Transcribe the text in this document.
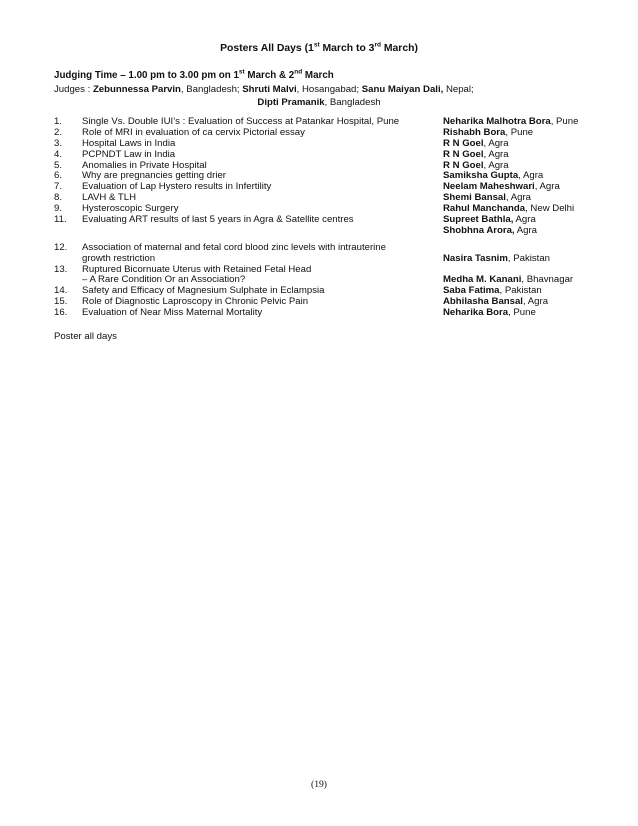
Posters All Days (1st March to 3rd March)
Judging Time – 1.00 pm to 3.00 pm on 1st March & 2nd March
Judges : Zebunnessa Parvin, Bangladesh; Shruti Malvi, Hosangabad; Sanu Maiyan Dali, Nepal;
Dipti Pramanik, Bangladesh
1. Single Vs. Double IUI’s : Evaluation of Success at Patankar Hospital, Pune	Neharika Malhotra Bora, Pune
2. Role of MRI in evaluation of ca cervix Pictorial essay	Rishabh Bora, Pune
3. Hospital Laws in India	R N Goel, Agra
4. PCPNDT Law in India	R N Goel, Agra
5. Anomalies in Private Hospital	R N Goel, Agra
6. Why are pregnancies getting drier	Samiksha Gupta, Agra
7. Evaluation of Lap Hystero results in Infertility	Neelam Maheshwari, Agra
8. LAVH & TLH	Shemi Bansal, Agra
9. Hysteroscopic Surgery	Rahul Manchanda, New Delhi
11. Evaluating ART results of last 5 years in Agra & Satellite centres	Supreet Bathla, Agra
Shobhna Arora, Agra
12. Association of maternal and fetal cord blood zinc levels with intrauterine
growth restriction	Nasira Tasnim, Pakistan
13. Ruptured Bicornuate Uterus with Retained Fetal Head
– A Rare Condition Or an Association?	Medha M. Kanani, Bhavnagar
14. Safety and Efficacy of Magnesium Sulphate in Eclampsia	Saba Fatima, Pakistan
15. Role of Diagnostic Laproscopy in Chronic Pelvic Pain	Abhilasha Bansal, Agra
16. Evaluation of Near Miss Maternal Mortality	Neharika Bora, Pune
Poster all days
(19)
